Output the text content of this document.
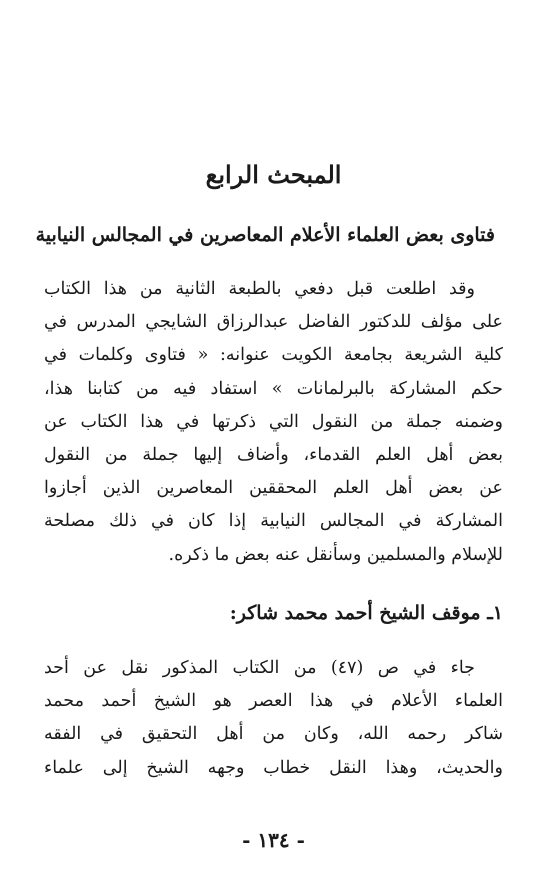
المبحث الرابع
فتاوى بعض العلماء الأعلام المعاصرين في المجالس النيابية
وقد اطلعت قبل دفعي بالطبعة الثانية من هذا الكتاب
على مؤلف للدكتور الفاضل عبدالرزاق الشايجي المدرس في
كلية الشريعة بجامعة الكويت عنوانه: « فتاوى وكلمات في
حكم المشاركة بالبرلمانات » استفاد فيه من كتابنا هذا،
وضمنه جملة من النقول التي ذكرتها في هذا الكتاب عن
بعض أهل العلم القدماء، وأضاف إليها جملة من النقول
عن بعض أهل العلم المحققين المعاصرين الذين أجازوا
المشاركة في المجالس النيابية إذا كان في ذلك مصلحة
للإسلام والمسلمين وسأنقل عنه بعض ما ذكره.
١ـ موقف الشيخ أحمد محمد شاكر:
جاء في ص (٤٧) من الكتاب المذكور نقل عن أحد
العلماء الأعلام في هذا العصر هو الشيخ أحمد محمد
شاكر رحمه الله، وكان من أهل التحقيق في الفقه
والحديث، وهذا النقل خطاب وجهه الشيخ إلى علماء
- ١٣٤ -
